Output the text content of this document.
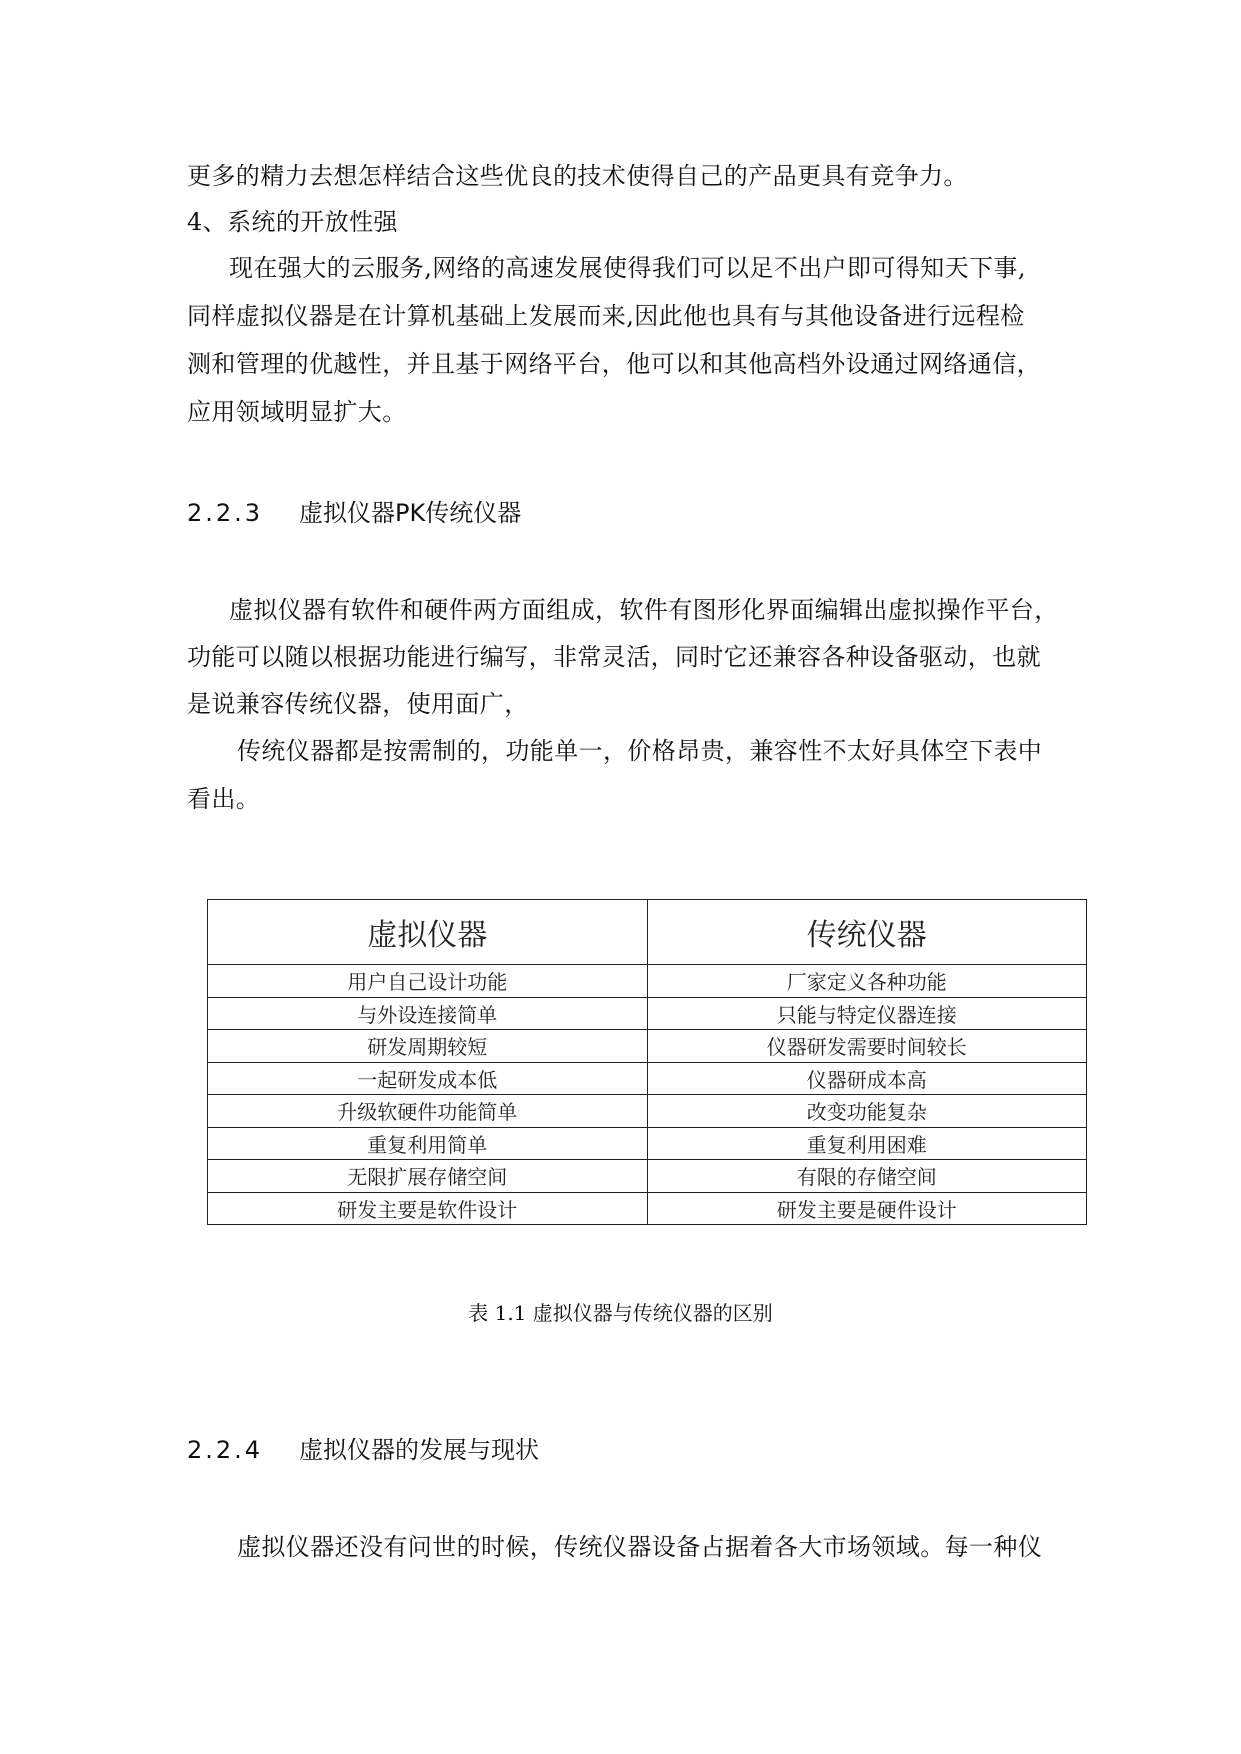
更多的精力去想怎样结合这些优良的技术使得自己的产品更具有竞争力。
4、系统的开放性强
现在强大的云服务,网络的高速发展使得我们可以足不出户即可得知天下事,
同样虚拟仪器是在计算机基础上发展而来,因此他也具有与其他设备进行远程检
测和管理的优越性，并且基于网络平台，他可以和其他高档外设通过网络通信，
应用领域明显扩大。
2.2.3 虚拟仪器PK传统仪器
虚拟仪器有软件和硬件两方面组成，软件有图形化界面编辑出虚拟操作平台，
功能可以随以根据功能进行编写，非常灵活，同时它还兼容各种设备驱动，也就
是说兼容传统仪器，使用面广，
传统仪器都是按需制的，功能单一，价格昂贵，兼容性不太好具体空下表中
看出。
虚拟仪器	传统仪器
用户自己设计功能	厂家定义各种功能
与外设连接简单	只能与特定仪器连接
研发周期较短	仪器研发需要时间较长
一起研发成本低	仪器研成本高
升级软硬件功能简单	改变功能复杂
重复利用简单	重复利用困难
无限扩展存储空间	有限的存储空间
研发主要是软件设计	研发主要是硬件设计
表 1.1 虚拟仪器与传统仪器的区别
2.2.4 虚拟仪器的发展与现状
虚拟仪器还没有问世的时候，传统仪器设备占据着各大市场领域。每一种仪
